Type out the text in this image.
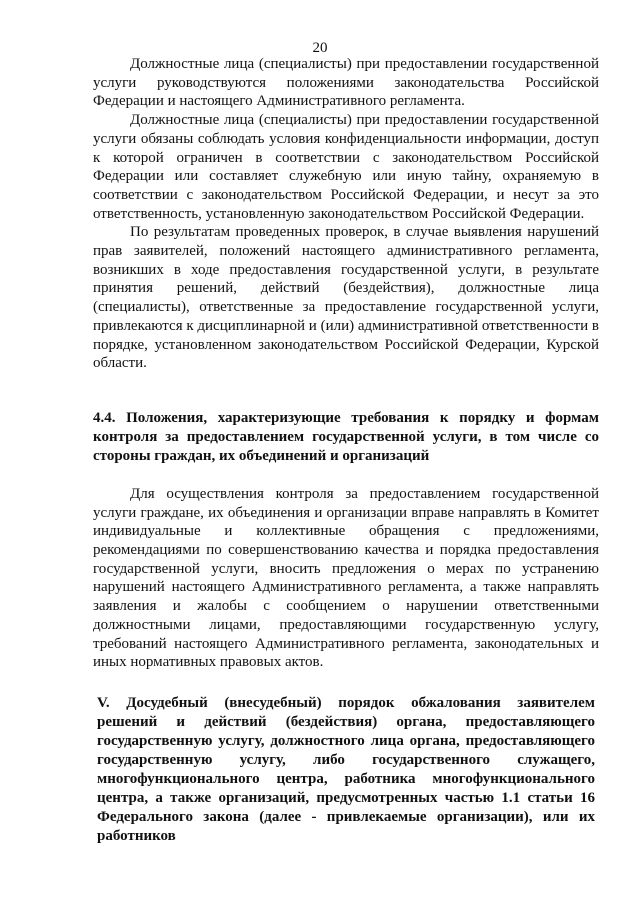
20

Должностные лица (специалисты) при предоставлении государственной услуги руководствуются положениями законодательства Российской Федерации и настоящего Административного регламента.

Должностные лица (специалисты) при предоставлении государственной услуги обязаны соблюдать условия конфиденциальности информации, доступ к которой ограничен в соответствии с законодательством Российской Федерации или составляет служебную или иную тайну, охраняемую в соответствии с законодательством Российской Федерации, и несут за это ответственность, установленную законодательством Российской Федерации.

По результатам проведенных проверок, в случае выявления нарушений прав заявителей, положений настоящего административного регламента, возникших в ходе предоставления государственной услуги, в результате принятия решений, действий (бездействия), должностные лица (специалисты), ответственные за предоставление государственной услуги, привлекаются к дисциплинарной и (или) административной ответственности в порядке, установленном законодательством Российской Федерации, Курской области.

4.4. Положения, характеризующие требования к порядку и формам контроля за предоставлением государственной услуги, в том числе со стороны граждан, их объединений и организаций

Для осуществления контроля за предоставлением государственной услуги граждане, их объединения и организации вправе направлять в Комитет индивидуальные и коллективные обращения с предложениями, рекомендациями по совершенствованию качества и порядка предоставления государственной услуги, вносить предложения о мерах по устранению нарушений настоящего Административного регламента, а также направлять заявления и жалобы с сообщением о нарушении ответственными должностными лицами, предоставляющими государственную услугу, требований настоящего Административного регламента, законодательных и иных нормативных правовых актов.

V. Досудебный (внесудебный) порядок обжалования заявителем решений и действий (бездействия) органа, предоставляющего государственную услугу, должностного лица органа, предоставляющего государственную услугу, либо государственного служащего, многофункционального центра, работника многофункционального центра, а также организаций, предусмотренных частью 1.1 статьи 16 Федерального закона (далее - привлекаемые организации), или их работников
